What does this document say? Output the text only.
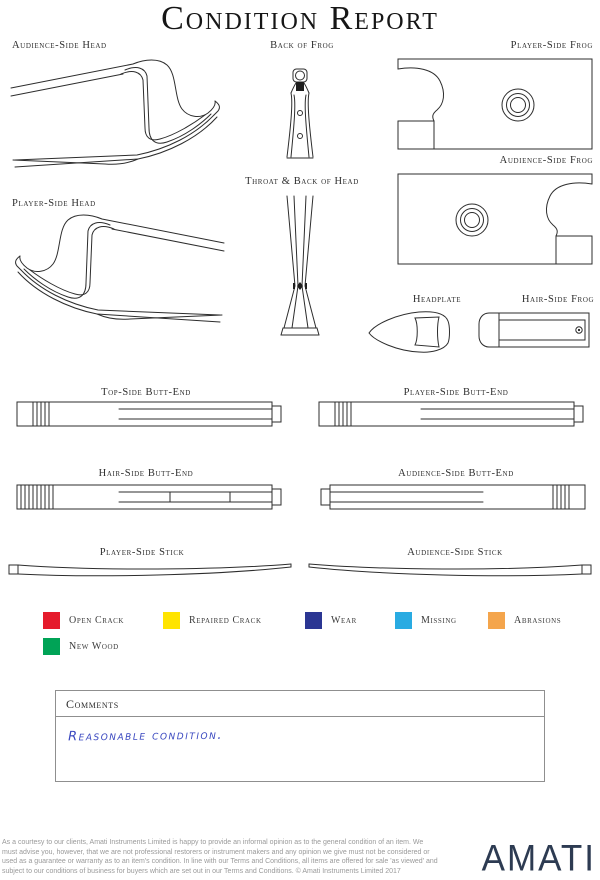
Condition Report
Audience-Side Head	Back of Frog	Player-Side Frog
Audience-Side Frog
Player-Side Head
Throat & Back of Head
Headplate	Hair-Side Frog
Top-Side Butt-End	Player-Side Butt-End
Hair-Side Butt-End	Audience-Side Butt-End
Player-Side Stick	Audience-Side Stick
Open Crack	Repaired Crack	Wear	Missing	Abrasions
New Wood
Comments
Reasonable condition.
As a courtesy to our clients, Amati Instruments Limited is happy to provide an informal opinion as to the general condition of an item. We must advise you, however, that we are not professional restorers or instrument makers and any opinion we give must not be considered or used as a guarantee or warranty as to an item's condition. In line with our Terms and Conditions, all items are offered for sale 'as viewed' and subject to our conditions of business for buyers which are set out in our Terms and Conditions. © Amati Instruments Limited 2017	AMATI
